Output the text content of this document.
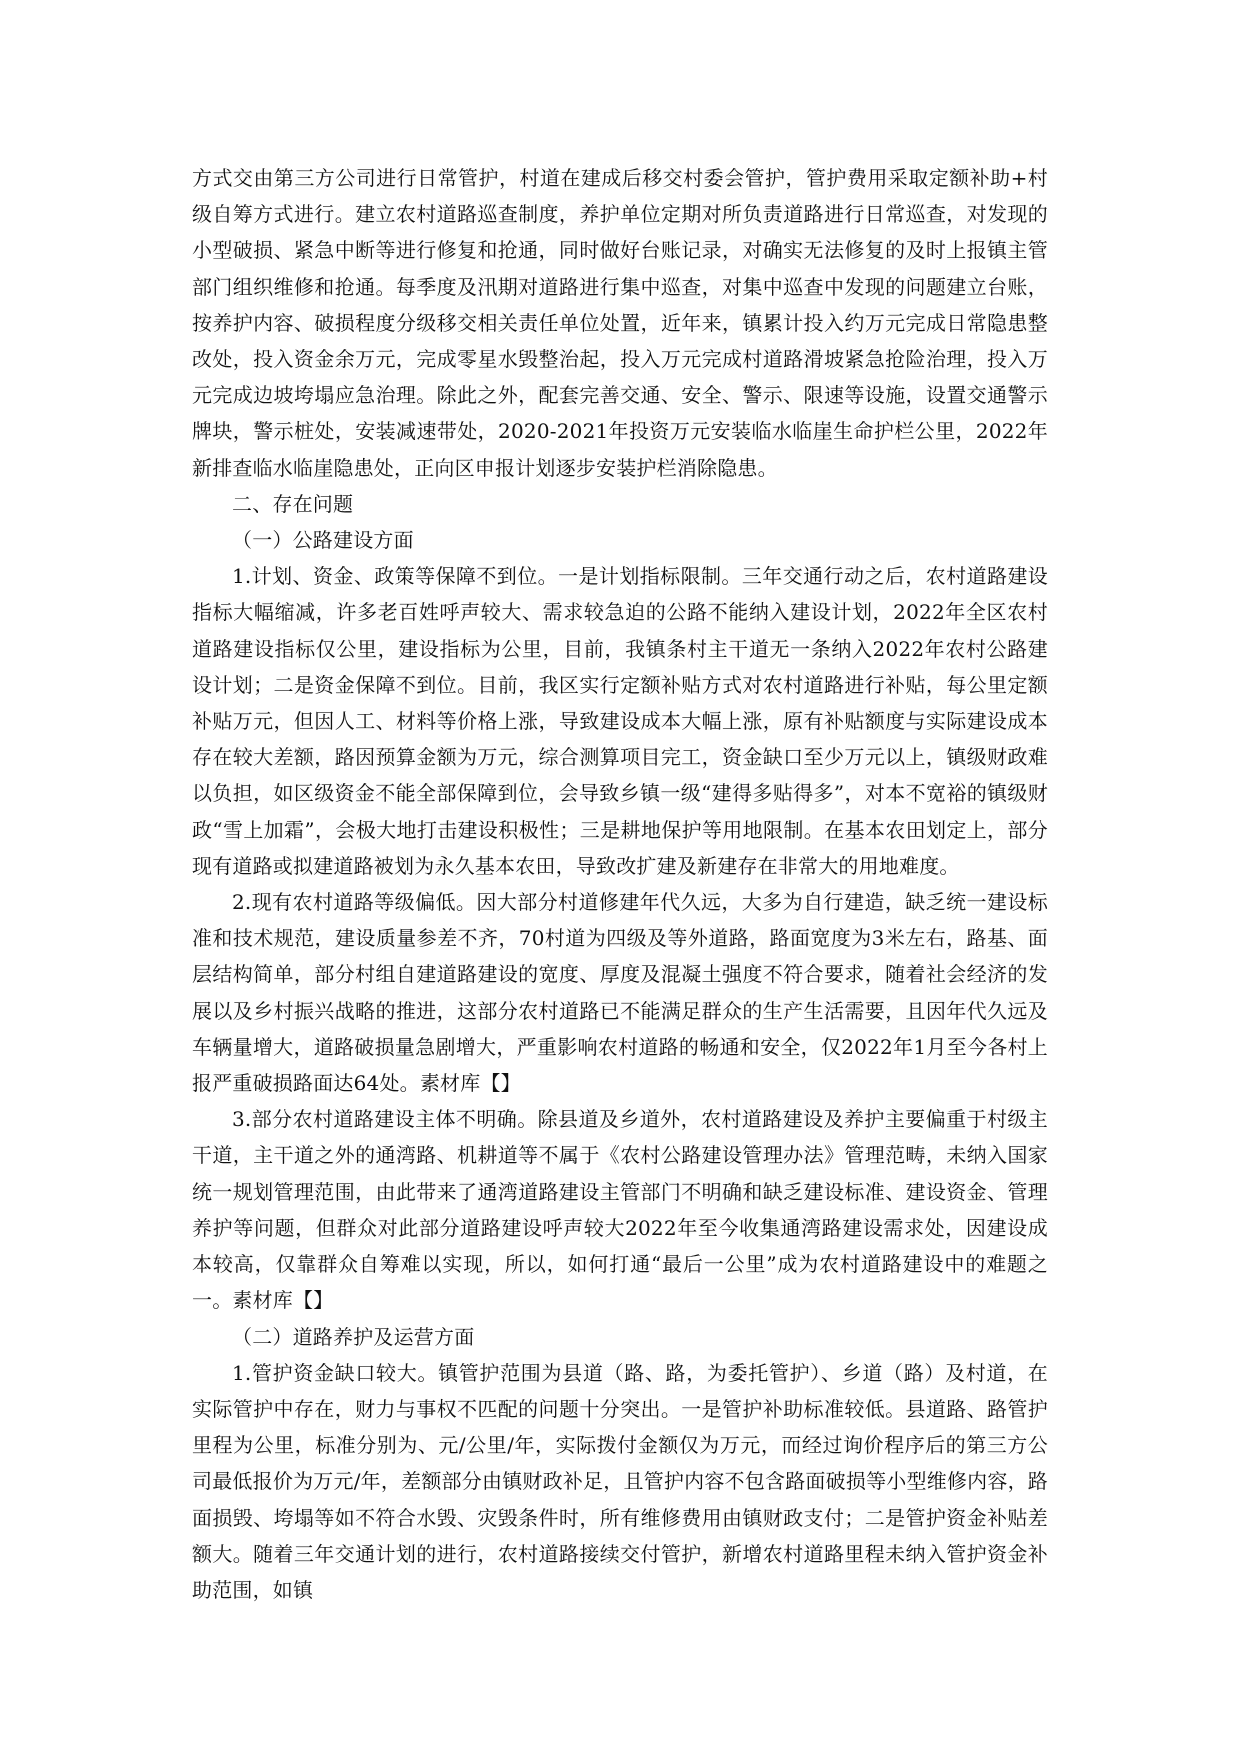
方式交由第三方公司进行日常管护，村道在建成后移交村委会管护，管护费用采取定额补助+村级自筹方式进行。建立农村道路巡查制度，养护单位定期对所负责道路进行日常巡查，对发现的小型破损、紧急中断等进行修复和抢通，同时做好台账记录，对确实无法修复的及时上报镇主管部门组织维修和抢通。每季度及汛期对道路进行集中巡查，对集中巡查中发现的问题建立台账，按养护内容、破损程度分级移交相关责任单位处置，近年来，镇累计投入约万元完成日常隐患整改处，投入资金余万元，完成零星水毁整治起，投入万元完成村道路滑坡紧急抢险治理，投入万元完成边坡垮塌应急治理。除此之外，配套完善交通、安全、警示、限速等设施，设置交通警示牌块，警示桩处，安装减速带处，2020-2021年投资万元安装临水临崖生命护栏公里，2022年新排查临水临崖隐患处，正向区申报计划逐步安装护栏消除隐患。

二、存在问题

（一）公路建设方面

1.计划、资金、政策等保障不到位。一是计划指标限制。三年交通行动之后，农村道路建设指标大幅缩减，许多老百姓呼声较大、需求较急迫的公路不能纳入建设计划，2022年全区农村道路建设指标仅公里，建设指标为公里，目前，我镇条村主干道无一条纳入2022年农村公路建设计划；二是资金保障不到位。目前，我区实行定额补贴方式对农村道路进行补贴，每公里定额补贴万元，但因人工、材料等价格上涨，导致建设成本大幅上涨，原有补贴额度与实际建设成本存在较大差额，路因预算金额为万元，综合测算项目完工，资金缺口至少万元以上，镇级财政难以负担，如区级资金不能全部保障到位，会导致乡镇一级“建得多贴得多”，对本不宽裕的镇级财政“雪上加霜”，会极大地打击建设积极性；三是耕地保护等用地限制。在基本农田划定上，部分现有道路或拟建道路被划为永久基本农田，导致改扩建及新建存在非常大的用地难度。

2.现有农村道路等级偏低。因大部分村道修建年代久远，大多为自行建造，缺乏统一建设标准和技术规范，建设质量参差不齐，70村道为四级及等外道路，路面宽度为3米左右，路基、面层结构简单，部分村组自建道路建设的宽度、厚度及混凝土强度不符合要求，随着社会经济的发展以及乡村振兴战略的推进，这部分农村道路已不能满足群众的生产生活需要，且因年代久远及车辆量增大，道路破损量急剧增大，严重影响农村道路的畅通和安全，仅2022年1月至今各村上报严重破损路面达64处。素材库【】

3.部分农村道路建设主体不明确。除县道及乡道外，农村道路建设及养护主要偏重于村级主干道，主干道之外的通湾路、机耕道等不属于《农村公路建设管理办法》管理范畴，未纳入国家统一规划管理范围，由此带来了通湾道路建设主管部门不明确和缺乏建设标准、建设资金、管理养护等问题，但群众对此部分道路建设呼声较大2022年至今收集通湾路建设需求处，因建设成本较高，仅靠群众自筹难以实现，所以，如何打通“最后一公里”成为农村道路建设中的难题之一。素材库【】

（二）道路养护及运营方面

1.管护资金缺口较大。镇管护范围为县道（路、路，为委托管护）、乡道（路）及村道，在实际管护中存在，财力与事权不匹配的问题十分突出。一是管护补助标准较低。县道路、路管护里程为公里，标准分别为、元/公里/年，实际拨付金额仅为万元，而经过询价程序后的第三方公司最低报价为万元/年，差额部分由镇财政补足，且管护内容不包含路面破损等小型维修内容，路面损毁、垮塌等如不符合水毁、灾毁条件时，所有维修费用由镇财政支付；二是管护资金补贴差额大。随着三年交通计划的进行，农村道路接续交付管护，新增农村道路里程未纳入管护资金补助范围，如镇
